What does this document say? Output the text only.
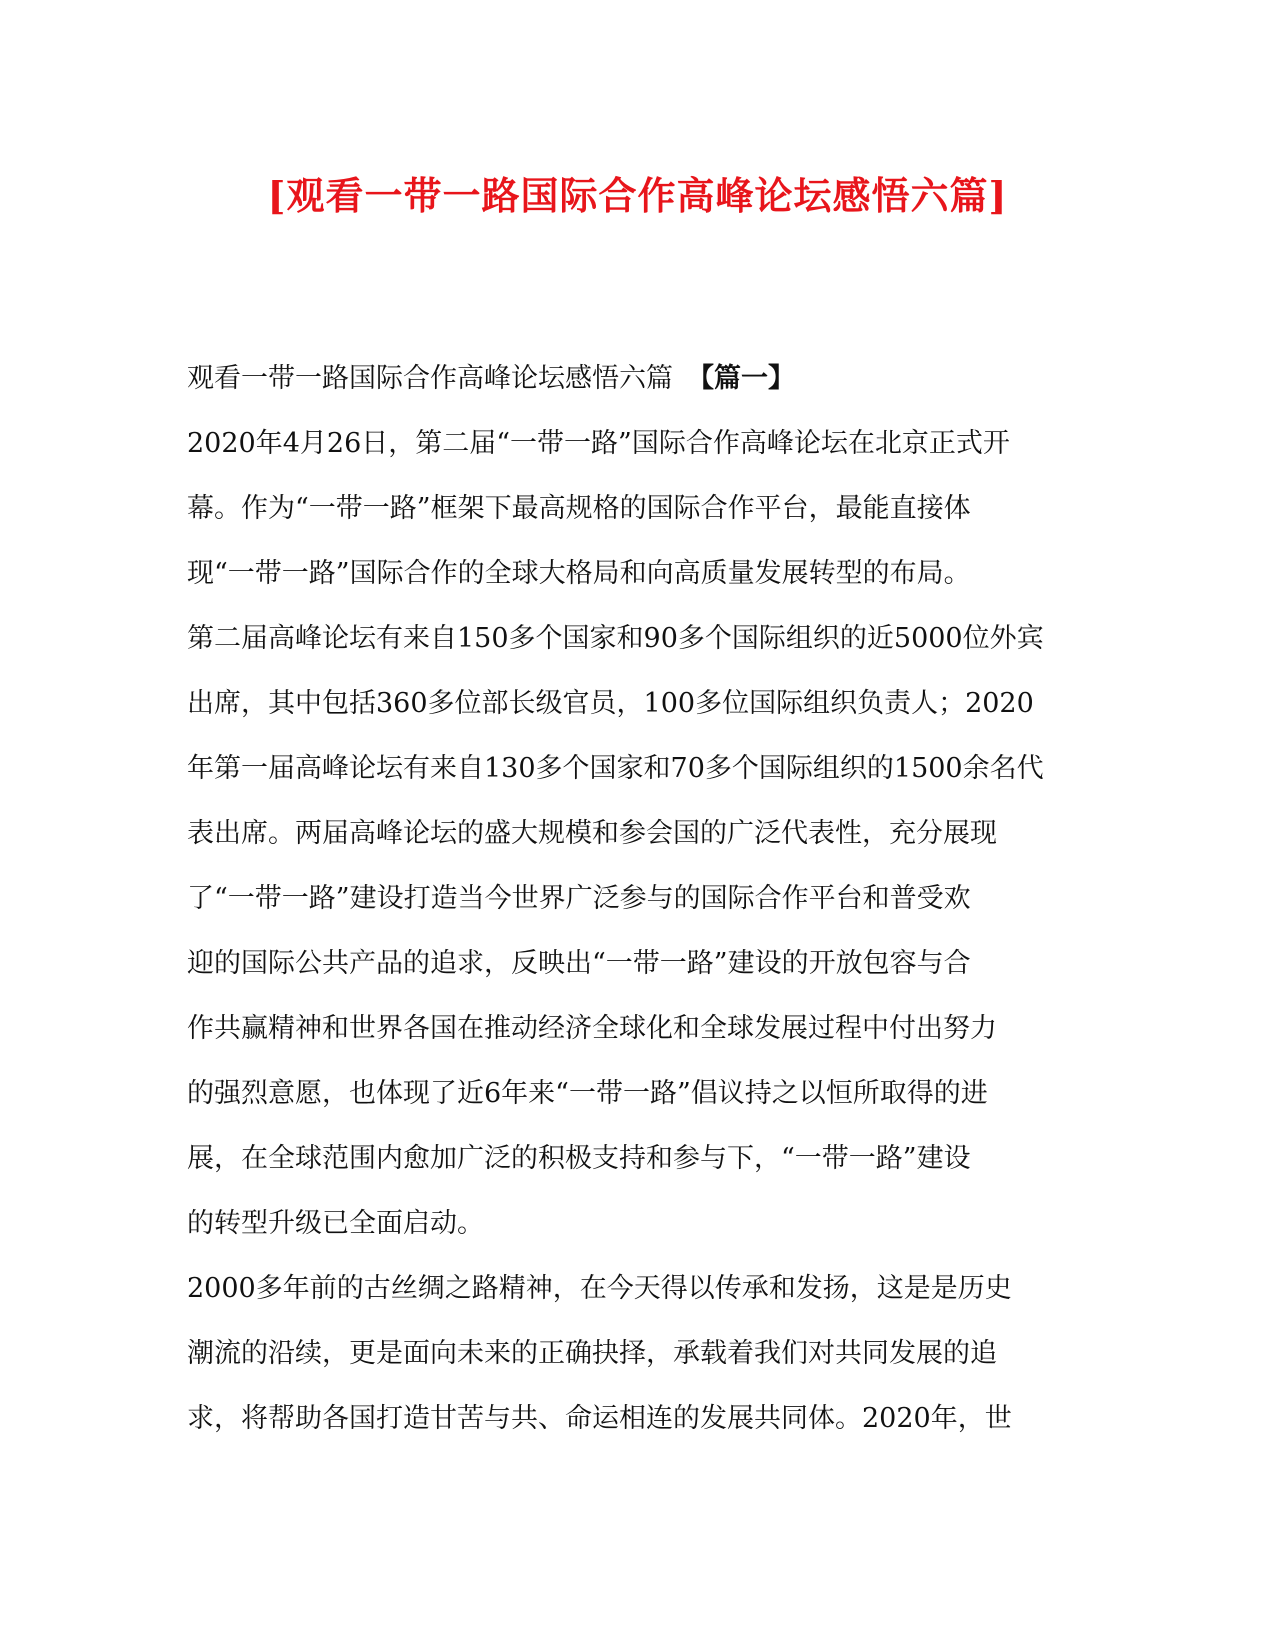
[观看一带一路国际合作高峰论坛感悟六篇]
观看一带一路国际合作高峰论坛感悟六篇 【篇一】
2020年4月26日，第二届“一带一路”国际合作高峰论坛在北京正式开
幕。作为“一带一路”框架下最高规格的国际合作平台，最能直接体
现“一带一路”国际合作的全球大格局和向高质量发展转型的布局。
第二届高峰论坛有来自150多个国家和90多个国际组织的近5000位外宾
出席，其中包括360多位部长级官员，100多位国际组织负责人；2020
年第一届高峰论坛有来自130多个国家和70多个国际组织的1500余名代
表出席。两届高峰论坛的盛大规模和参会国的广泛代表性，充分展现
了“一带一路”建设打造当今世界广泛参与的国际合作平台和普受欢
迎的国际公共产品的追求，反映出“一带一路”建设的开放包容与合
作共赢精神和世界各国在推动经济全球化和全球发展过程中付出努力
的强烈意愿，也体现了近6年来“一带一路”倡议持之以恒所取得的进
展，在全球范围内愈加广泛的积极支持和参与下，“一带一路”建设
的转型升级已全面启动。
2000多年前的古丝绸之路精神，在今天得以传承和发扬，这是是历史
潮流的沿续，更是面向未来的正确抉择，承载着我们对共同发展的追
求，将帮助各国打造甘苦与共、命运相连的发展共同体。2020年，世
